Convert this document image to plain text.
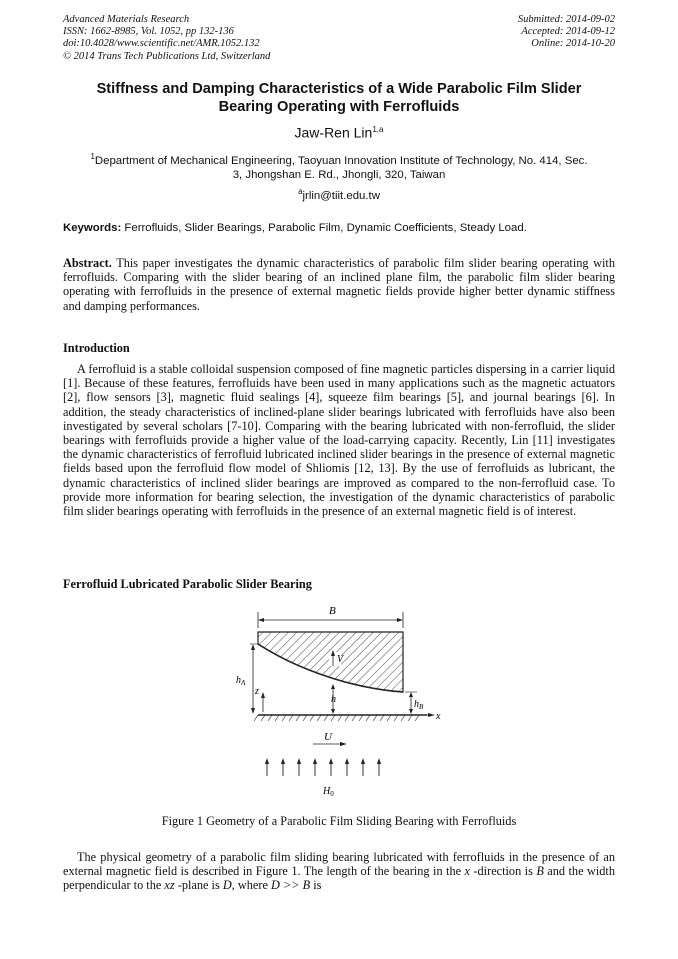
Advanced Materials Research
ISSN: 1662-8985, Vol. 1052, pp 132-136
doi:10.4028/www.scientific.net/AMR.1052.132
© 2014 Trans Tech Publications Ltd, Switzerland
Submitted: 2014-09-02
Accepted: 2014-09-12
Online: 2014-10-20
Stiffness and Damping Characteristics of a Wide Parabolic Film Slider
Bearing Operating with Ferrofluids
Jaw-Ren Lin$^{1,a}$
$^1$Department of Mechanical Engineering, Taoyuan Innovation Institute of Technology, No. 414, Sec.
3, Jhongshan E. Rd., Jhongli, 320, Taiwan
$^a$jrlin@tiit.edu.tw
Keywords: Ferrofluids, Slider Bearings, Parabolic Film, Dynamic Coefficients, Steady Load.
Abstract. This paper investigates the dynamic characteristics of parabolic film slider bearing operating with ferrofluids. Comparing with the slider bearing of an inclined plane film, the parabolic film slider bearing operating with ferrofluids in the presence of external magnetic fields provide higher better dynamic stiffness and damping performances.
Introduction
A ferrofluid is a stable colloidal suspension composed of fine magnetic particles dispersing in a carrier liquid [1]. Because of these features, ferrofluids have been used in many applications such as the magnetic actuators [2], flow sensors [3], magnetic fluid sealings [4], squeeze film bearings [5], and journal bearings [6]. In addition, the steady characteristics of inclined-plane slider bearings lubricated with ferrofluids have also been investigated by several scholars [7-10]. Comparing with the bearing lubricated with non-ferrofluid, the slider bearings with ferrofluids provide a higher value of the load-carrying capacity. Recently, Lin [11] investigates the dynamic characteristics of ferrofluid lubricated inclined slider bearings in the presence of external magnetic fields based upon the ferrofluid flow model of Shliomis [12, 13]. By the use of ferrofluids as lubricant, the dynamic characteristics of inclined slider bearings are improved as compared to the non-ferrofluid case. To provide more information for bearing selection, the investigation of the dynamic characteristics of parabolic film slider bearings operating with ferrofluids in the presence of an external magnetic field is of interest.
Ferrofluid Lubricated Parabolic Slider Bearing
B
V
$h_A$
z
h	$h_B$
x
U
$H_0$
Figure 1 Geometry of a Parabolic Film Sliding Bearing with Ferrofluids
The physical geometry of a parabolic film sliding bearing lubricated with ferrofluids in the presence of an external magnetic field is described in Figure 1. The length of the bearing in the x -direction is B and the width perpendicular to the xz -plane is D, where D >> B is
